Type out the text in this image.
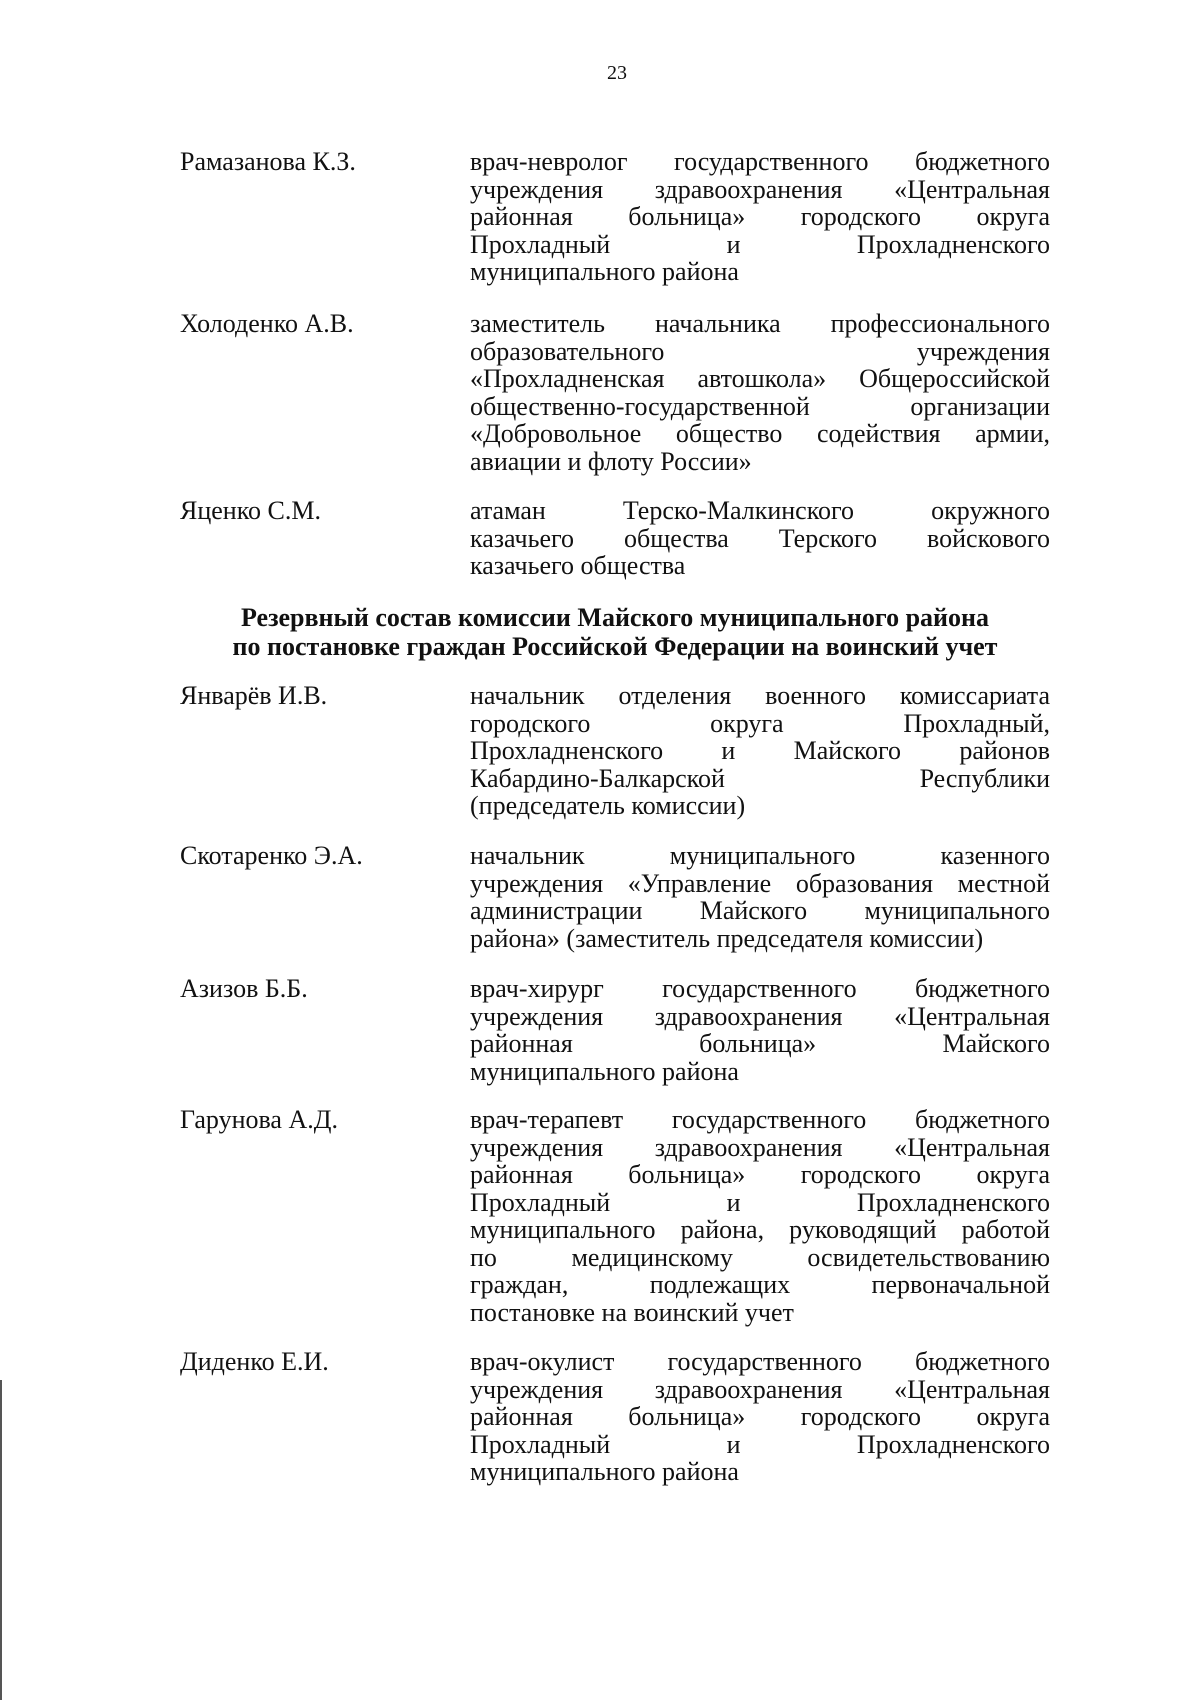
23
Рамазанова К.З.	врач-невролог государственного бюджетного
учреждения здравоохранения «Центральная
районная больница» городского округа
Прохладный и Прохладненского
муниципального района
Холоденко А.В.	заместитель начальника профессионального
образовательного учреждения
«Прохладненская автошкола» Общероссийской
общественно-государственной организации
«Добровольное общество содействия армии,
авиации и флоту России»
Яценко С.М.	атаман Терско-Малкинского окружного
казачьего общества Терского войскового
казачьего общества
Резервный состав комиссии Майского муниципального района
по постановке граждан Российской Федерации на воинский учет
Январёв И.В.	начальник отделения военного комиссариата
городского округа Прохладный,
Прохладненского и Майского районов
Кабардино-Балкарской Республики
(председатель комиссии)
Скотаренко Э.А.	начальник муниципального казенного
учреждения «Управление образования местной
администрации Майского муниципального
района» (заместитель председателя комиссии)
Азизов Б.Б.	врач-хирург государственного бюджетного
учреждения здравоохранения «Центральная
районная больница» Майского
муниципального района
Гарунова А.Д.	врач-терапевт государственного бюджетного
учреждения здравоохранения «Центральная
районная больница» городского округа
Прохладный и Прохладненского
муниципального района, руководящий работой
по медицинскому освидетельствованию
граждан, подлежащих первоначальной
постановке на воинский учет
Диденко Е.И.	врач-окулист государственного бюджетного
учреждения здравоохранения «Центральная
районная больница» городского округа
Прохладный и Прохладненского
муниципального района
